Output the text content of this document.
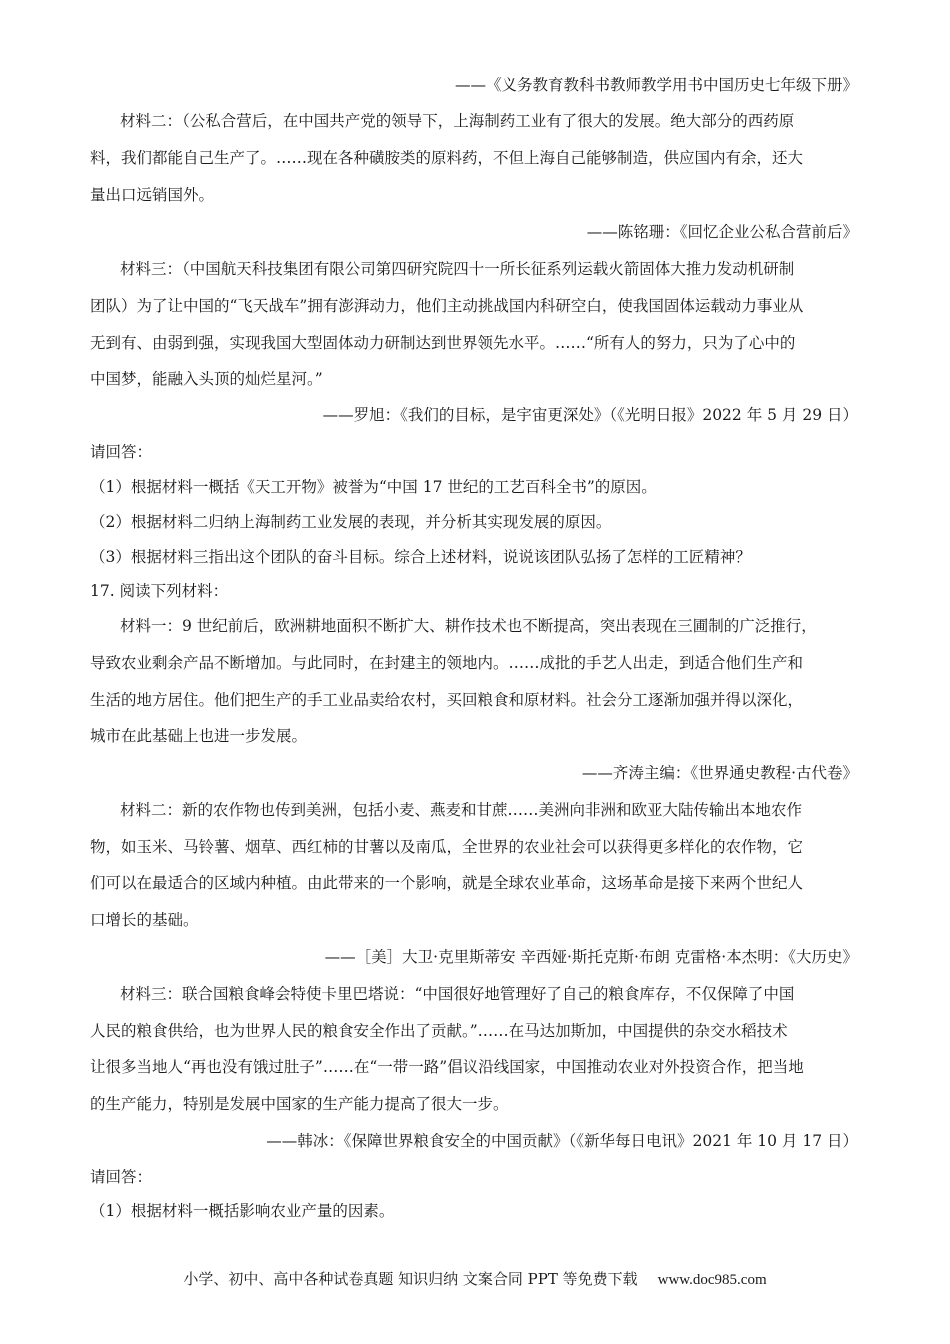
——《义务教育教科书教师教学用书中国历史七年级下册》
材料二：（公私合营后，在中国共产党的领导下，上海制药工业有了很大的发展。绝大部分的西药原
料，我们都能自己生产了。……现在各种磺胺类的原料药，不但上海自己能够制造，供应国内有余，还大
量出口远销国外。
——陈铭珊：《回忆企业公私合营前后》
材料三：（中国航天科技集团有限公司第四研究院四十一所长征系列运载火箭固体大推力发动机研制
团队）为了让中国的“飞天战车”拥有澎湃动力，他们主动挑战国内科研空白，使我国固体运载动力事业从
无到有、由弱到强，实现我国大型固体动力研制达到世界领先水平。……“所有人的努力，只为了心中的
中国梦，能融入头顶的灿烂星河。”
——罗旭：《我们的目标，是宇宙更深处》（《光明日报》2022 年 5 月 29 日）
请回答：
（1）根据材料一概括《天工开物》被誉为“中国 17 世纪的工艺百科全书”的原因。
（2）根据材料二归纳上海制药工业发展的表现，并分析其实现发展的原因。
（3）根据材料三指出这个团队的奋斗目标。综合上述材料，说说该团队弘扬了怎样的工匠精神？
17. 阅读下列材料：
材料一：9 世纪前后，欧洲耕地面积不断扩大、耕作技术也不断提高，突出表现在三圃制的广泛推行，
导致农业剩余产品不断增加。与此同时，在封建主的领地内。……成批的手艺人出走，到适合他们生产和
生活的地方居住。他们把生产的手工业品卖给农村，买回粮食和原材料。社会分工逐渐加强并得以深化，
城市在此基础上也进一步发展。
——齐涛主编：《世界通史教程·古代卷》
材料二：新的农作物也传到美洲，包括小麦、燕麦和甘蔗……美洲向非洲和欧亚大陆传输出本地农作
物，如玉米、马铃薯、烟草、西红柿的甘薯以及南瓜，全世界的农业社会可以获得更多样化的农作物，它
们可以在最适合的区域内种植。由此带来的一个影响，就是全球农业革命，这场革命是接下来两个世纪人
口增长的基础。
——［美］大卫·克里斯蒂安 辛西娅·斯托克斯·布朗 克雷格·本杰明：《大历史》
材料三：联合国粮食峰会特使卡里巴塔说：“中国很好地管理好了自己的粮食库存，不仅保障了中国
人民的粮食供给，也为世界人民的粮食安全作出了贡献。”……在马达加斯加，中国提供的杂交水稻技术
让很多当地人“再也没有饿过肚子”……在“一带一路”倡议沿线国家，中国推动农业对外投资合作，把当地
的生产能力，特别是发展中国家的生产能力提高了很大一步。
——韩冰：《保障世界粮食安全的中国贡献》（《新华每日电讯》2021 年 10 月 17 日）
请回答：
（1）根据材料一概括影响农业产量的因素。
小学、初中、高中各种试卷真题 知识归纳 文案合同 PPT 等免费下载 www.doc985.com
